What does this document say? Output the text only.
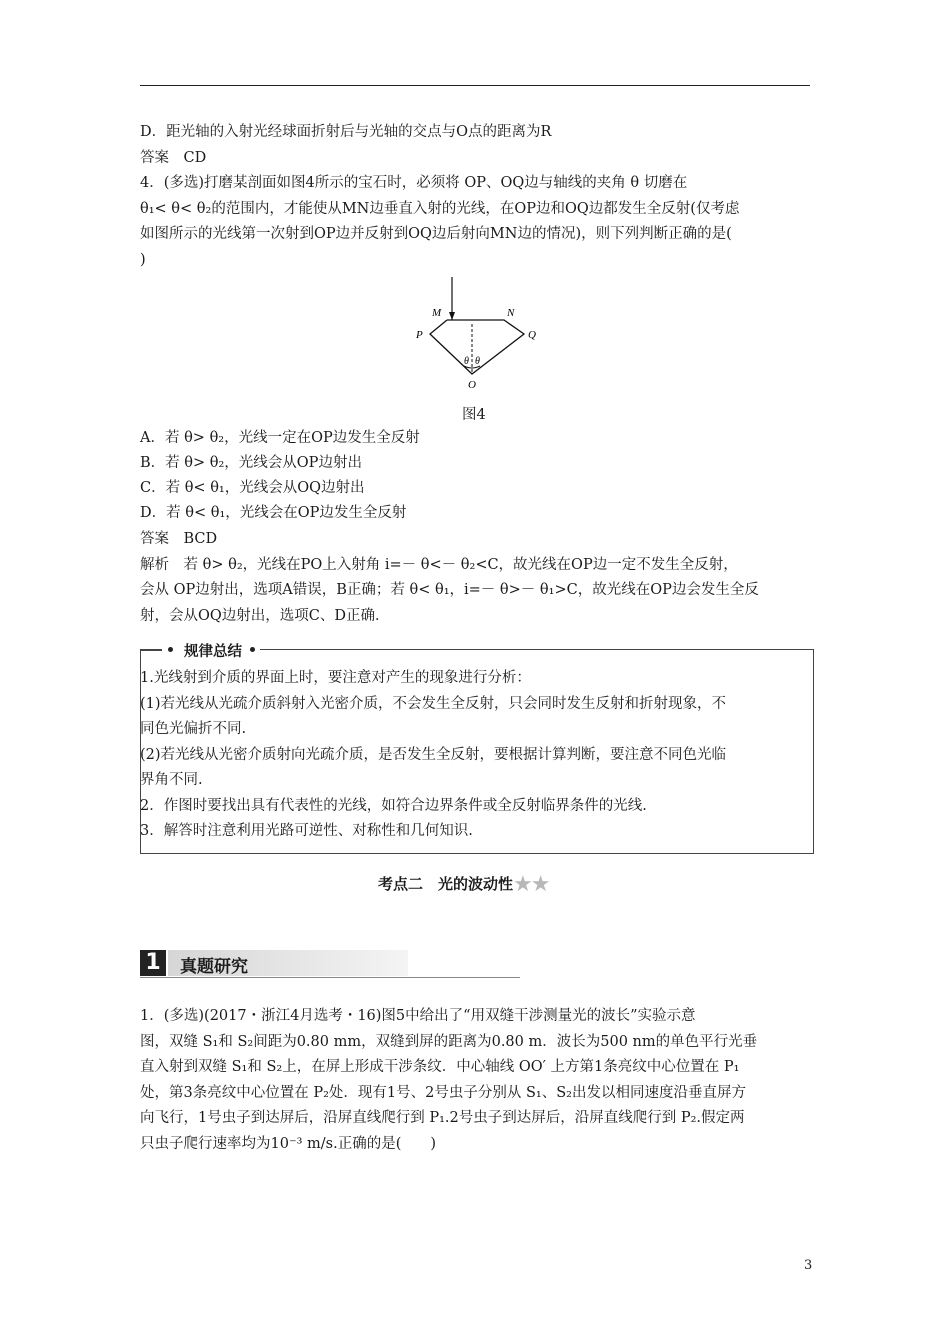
D．距光轴的入射光经球面折射后与光轴的交点与O点的距离为R
答案　CD
4．(多选)打磨某剖面如图4所示的宝石时，必须将 OP、OQ边与轴线的夹角 θ 切磨在
θ₁< θ< θ₂的范围内，才能使从MN边垂直入射的光线，在OP边和OQ边都发生全反射(仅考虑
如图所示的光线第一次射到OP边并反射到OQ边后射向MN边的情况)，则下列判断正确的是(
)
M	N
P	Q
θ θ
O
图4
A．若 θ> θ₂，光线一定在OP边发生全反射
B．若 θ> θ₂，光线会从OP边射出
C．若 θ< θ₁，光线会从OQ边射出
D．若 θ< θ₁，光线会在OP边发生全反射
答案　BCD
解析　若 θ> θ₂，光线在PO上入射角 i=－ θ<－ θ₂<C，故光线在OP边一定不发生全反射，
会从 OP边射出，选项A错误，B正确；若 θ< θ₁，i=－ θ>－ θ₁>C，故光线在OP边会发生全反
射，会从OQ边射出，选项C、D正确．
规律总结
1.光线射到介质的界面上时，要注意对产生的现象进行分析：
(1)若光线从光疏介质斜射入光密介质，不会发生全反射，只会同时发生反射和折射现象，不
同色光偏折不同.
(2)若光线从光密介质射向光疏介质，是否发生全反射，要根据计算判断，要注意不同色光临
界角不同.
2．作图时要找出具有代表性的光线，如符合边界条件或全反射临界条件的光线.
3．解答时注意利用光路可逆性、对称性和几何知识.
考点二　光的波动性★★
1	真题研究
1．(多选)(2017・浙江4月选考・16)图5中给出了“用双缝干涉测量光的波长”实验示意
图，双缝 S₁和 S₂间距为0.80 mm，双缝到屏的距离为0.80 m．波长为500 nm的单色平行光垂
直入射到双缝 S₁和 S₂上，在屏上形成干涉条纹．中心轴线 OO′ 上方第1条亮纹中心位置在 P₁
处，第3条亮纹中心位置在 P₂处．现有1号、2号虫子分别从 S₁、S₂出发以相同速度沿垂直屏方
向飞行，1号虫子到达屏后，沿屏直线爬行到 P₁.2号虫子到达屏后，沿屏直线爬行到 P₂.假定两
只虫子爬行速率均为10⁻³ m/s.正确的是(　　)
3
